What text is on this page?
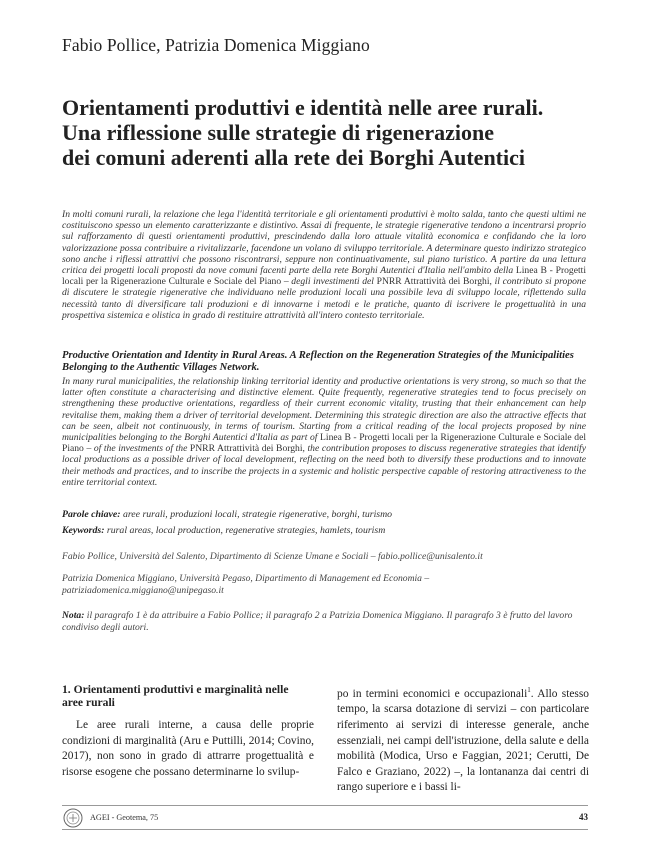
Fabio Pollice, Patrizia Domenica Miggiano
Orientamenti produttivi e identità nelle aree rurali.
Una riflessione sulle strategie di rigenerazione
dei comuni aderenti alla rete dei Borghi Autentici
In molti comuni rurali, la relazione che lega l'identità territoriale e gli orientamenti produttivi è molto salda, tanto che questi ultimi ne costituiscono spesso un elemento caratterizzante e distintivo. Assai di frequente, le strategie rigenerative tendono a incentrarsi proprio sul rafforzamento di questi orientamenti produttivi, prescindendo dalla loro attuale vitalità economica e confidando che la loro valorizzazione possa contribuire a rivitalizzarle, facendone un volano di sviluppo territoriale. A determinare questo indirizzo strategico sono anche i riflessi attrattivi che possono riscontrarsi, seppure non continuativamente, sul piano turistico. A partire da una lettura critica dei progetti locali proposti da nove comuni facenti parte della rete Borghi Autentici d'Italia nell'ambito della Linea B - Progetti locali per la Rigenerazione Culturale e Sociale del Piano – degli investimenti del PNRR Attrattività dei Borghi, il contributo si propone di discutere le strategie rigenerative che individuano nelle produzioni locali una possibile leva di sviluppo locale, riflettendo sulla necessità tanto di diversificare tali produzioni e di innovarne i metodi e le pratiche, quanto di iscrivere le progettualità in una prospettiva sistemica e olistica in grado di restituire attrattività all'intero contesto territoriale.
Productive Orientation and Identity in Rural Areas. A Reflection on the Regeneration Strategies of the Municipalities Belonging to the Authentic Villages Network.
In many rural municipalities, the relationship linking territorial identity and productive orientations is very strong, so much so that the latter often constitute a characterising and distinctive element. Quite frequently, regenerative strategies tend to focus precisely on strengthening these productive orientations, regardless of their current economic vitality, trusting that their enhancement can help revitalise them, making them a driver of territorial development. Determining this strategic direction are also the attractive effects that can be seen, albeit not continuously, in terms of tourism. Starting from a critical reading of the local projects proposed by nine municipalities belonging to the Borghi Autentici d'Italia as part of Linea B - Progetti locali per la Rigenerazione Culturale e Sociale del Piano – of the investments of the PNRR Attrattività dei Borghi, the contribution proposes to discuss regenerative strategies that identify local productions as a possible driver of local development, reflecting on the need both to diversify these productions and to innovate their methods and practices, and to inscribe the projects in a systemic and holistic perspective capable of restoring attractiveness to the entire territorial context.
Parole chiave: aree rurali, produzioni locali, strategie rigenerative, borghi, turismo
Keywords: rural areas, local production, regenerative strategies, hamlets, tourism
Fabio Pollice, Università del Salento, Dipartimento di Scienze Umane e Sociali – fabio.pollice@unisalento.it
Patrizia Domenica Miggiano, Università Pegaso, Dipartimento di Management ed Economia – patriziadomenica.miggiano@unipegaso.it
Nota: il paragrafo 1 è da attribuire a Fabio Pollice; il paragrafo 2 a Patrizia Domenica Miggiano. Il paragrafo 3 è frutto del lavoro condiviso degli autori.
1. Orientamenti produttivi e marginalità nelle aree rurali
Le aree rurali interne, a causa delle proprie condizioni di marginalità (Aru e Puttilli, 2014; Covino, 2017), non sono in grado di attrarre progettualità e risorse esogene che possano determinarne lo svilup-
po in termini economici e occupazionali$^1$. Allo stesso tempo, la scarsa dotazione di servizi – con particolare riferimento ai servizi di interesse generale, anche essenziali, nei campi dell'istruzione, della salute e della mobilità (Modica, Urso e Faggian, 2021; Cerutti, De Falco e Graziano, 2022) –, la lontananza dai centri di rango superiore e i bassi li-
AGEI - Geotema, 75	43
